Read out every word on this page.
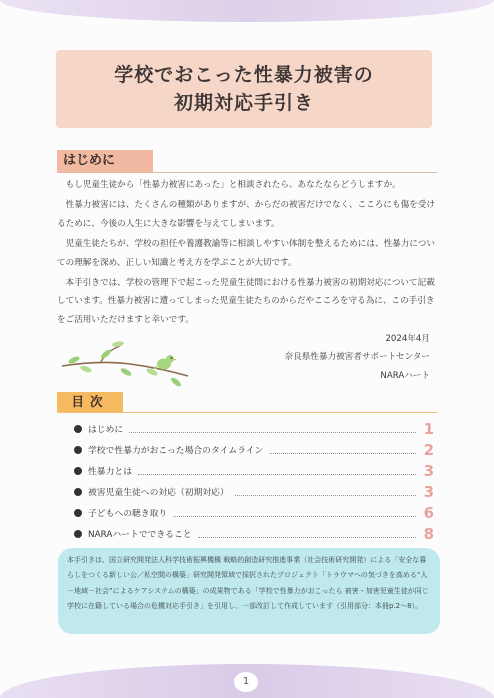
学校でおこった性暴力被害の
初期対応手引き
はじめに

もし児童生徒から「性暴力被害にあった」と相談されたら、あなたならどうしますか。

性暴力被害には、たくさんの種類がありますが、からだの被害だけでなく、こころにも傷を受けるために、今後の人生に大きな影響を与えてしまいます。

児童生徒たちが、学校の担任や養護教諭等に相談しやすい体制を整えるためには、性暴力についての理解を深め、正しい知識と考え方を学ぶことが大切です。

本手引きでは、学校の管理下で起こった児童生徒間における性暴力被害の初期対応について記載しています。性暴力被害に遭ってしまった児童生徒たちのからだやこころを守る為に、この手引きをご活用いただけますと幸いです。

2024年4月
奈良県性暴力被害者サポートセンター
NARAハート
目次
はじめに	1
学校で性暴力がおこった場合のタイムライン	2
性暴力とは	3
被害児童生徒への対応（初期対応）	3
子どもへの聴き取り	6
NARAハートでできること	8
本手引きは、国立研究開発法人科学技術振興機構 戦略的創造研究推進事業（社会技術研究開発）による「安全な暮らしをつくる新しい公／私空間の構築」研究開発領域で採択されたプロジェクト「トラウマへの気づきを高める“人－地域－社会”によるケアシステムの構築」の成果物である「学校で性暴力がおこったら 被害・加害児童生徒が同じ学校に在籍している場合の危機対応手引き」を引用し、一部改訂して作成しています（引用部分：本冊p.2〜8）。
1
